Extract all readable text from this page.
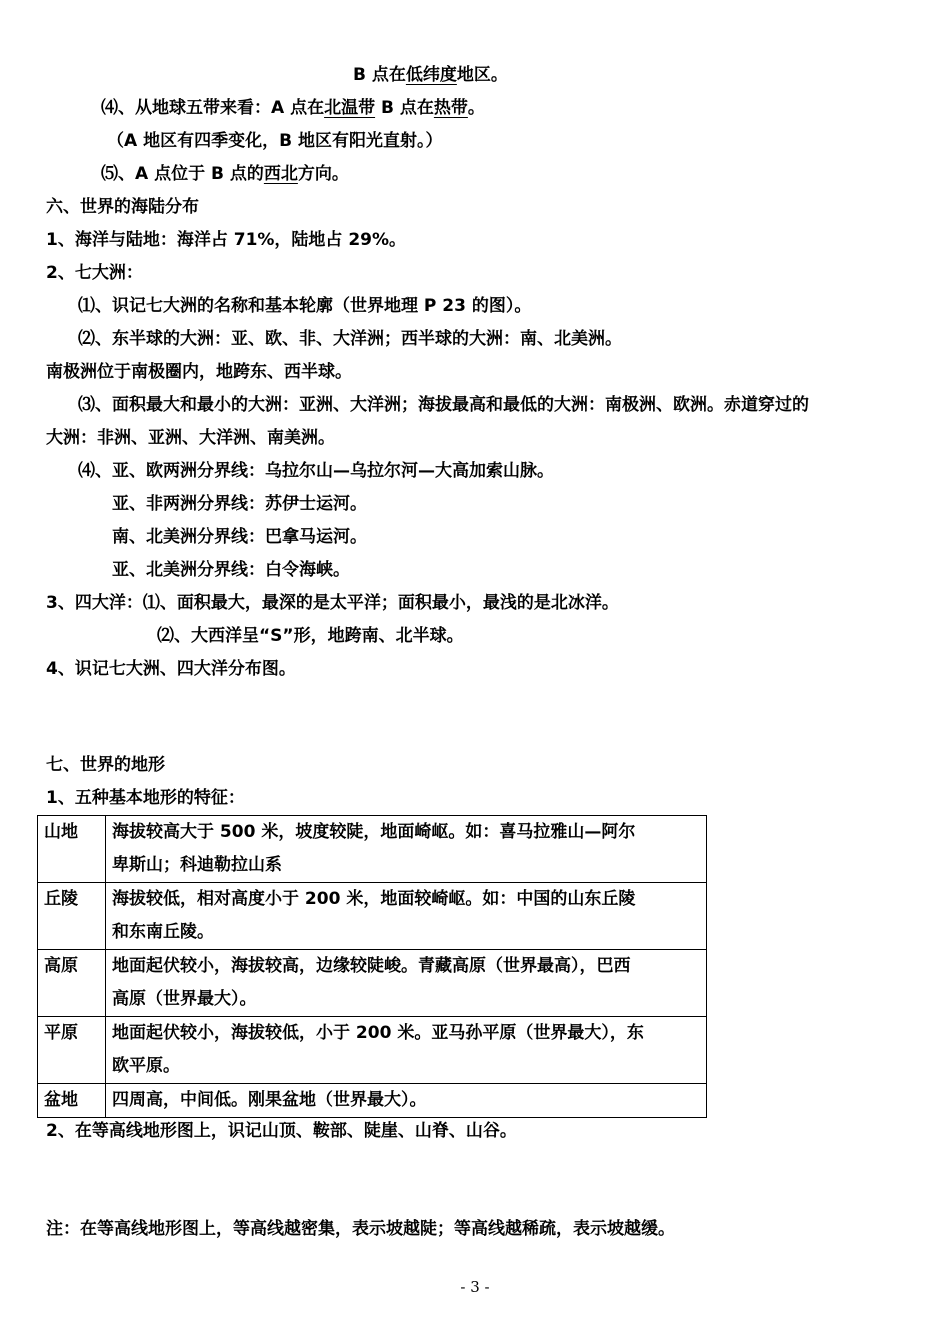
B 点在低纬度地区。
⑷、从地球五带来看：A 点在北温带 B 点在热带。
（A 地区有四季变化，B 地区有阳光直射。）
⑸、A 点位于 B 点的西北方向。
六、世界的海陆分布
1、海洋与陆地：海洋占 71%，陆地占 29%。
2、七大洲：
⑴、识记七大洲的名称和基本轮廓（世界地理 P 23 的图）。
⑵、东半球的大洲：亚、欧、非、大洋洲；西半球的大洲：南、北美洲。
南极洲位于南极圈内，地跨东、西半球。
⑶、面积最大和最小的大洲：亚洲、大洋洲；海拔最高和最低的大洲：南极洲、欧洲。赤道穿过的
大洲：非洲、亚洲、大洋洲、南美洲。
⑷、亚、欧两洲分界线：乌拉尔山—乌拉尔河—大高加索山脉。
亚、非两洲分界线：苏伊士运河。
南、北美洲分界线：巴拿马运河。
亚、北美洲分界线：白令海峡。
3、四大洋：⑴、面积最大，最深的是太平洋；面积最小，最浅的是北冰洋。
⑵、大西洋呈“S”形，地跨南、北半球。
4、识记七大洲、四大洋分布图。
七、世界的地形
1、五种基本地形的特征：
山地	海拔较高大于 500 米，坡度较陡，地面崎岖。如：喜马拉雅山—阿尔
卑斯山；科迪勒拉山系

丘陵	海拔较低，相对高度小于 200 米，地面较崎岖。如：中国的山东丘陵
和东南丘陵。

高原	地面起伏较小，海拔较高，边缘较陡峻。青藏高原（世界最高），巴西
高原（世界最大）。

平原	地面起伏较小，海拔较低，小于 200 米。亚马孙平原（世界最大），东
欧平原。

盆地	四周高，中间低。刚果盆地（世界最大）。
2、在等高线地形图上，识记山顶、鞍部、陡崖、山脊、山谷。
注：在等高线地形图上，等高线越密集，表示坡越陡；等高线越稀疏，表示坡越缓。
- 3 -
